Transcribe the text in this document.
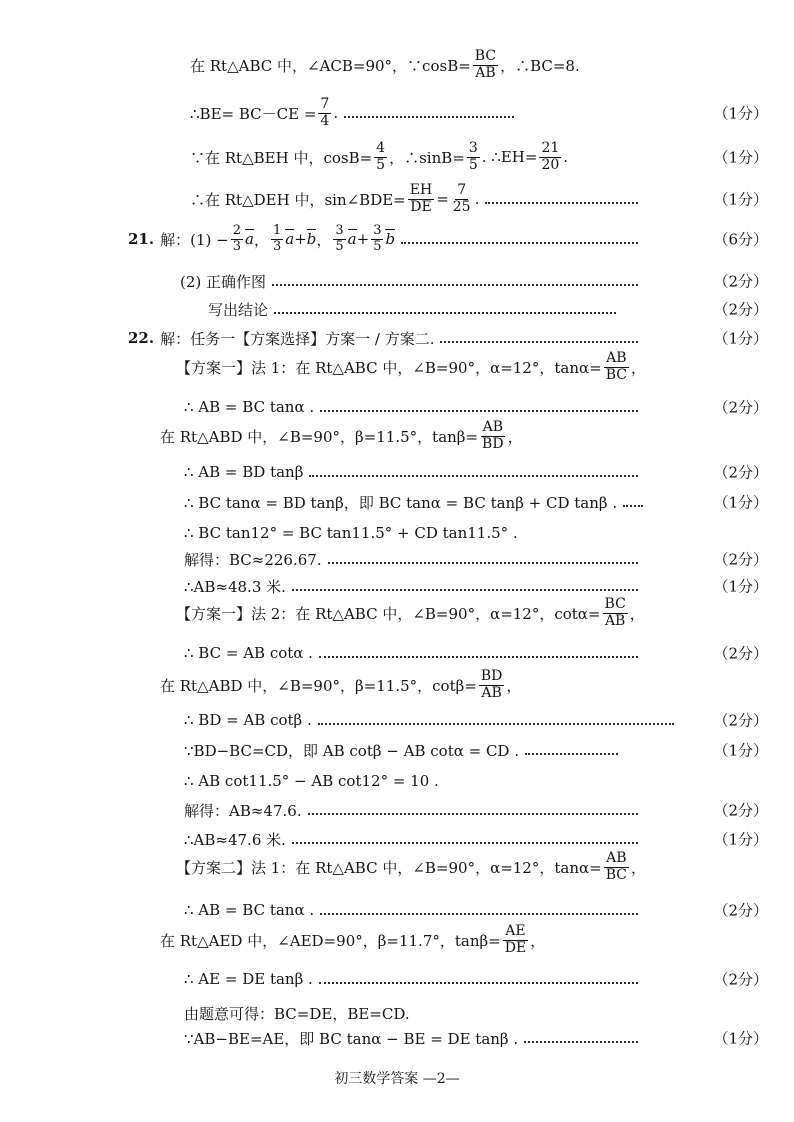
在 Rt△ABC 中，∠ACB=90°，∵cosB= $\frac{BC}{AB}$ ，∴BC=8.
∴BE= $BC-CE = \frac{7}{4}$ .	（1分）
∵在 Rt△BEH 中，$\cos B= \frac{4}{5}$ ，∴sinB= $\frac{3}{5}$ . ∴EH= $\frac{21}{20}$ .	（1分）
∴在 Rt△DEH 中，sin∠BDE= $\frac{EH}{DE} = \frac{7}{25}$ .	（1分）
21. 解：$(1) - \frac{2}{3}$ a ， $\frac{1}{3}$ a + b ， $\frac{3}{5}$ $a + \frac{3}{5}$ b	（6分）
(2) 正确作图	（2分）
写出结论	（2分）
22. 解：任务一【方案选择】方案一 / 方案二.	（1分）
【方案一】法 1：在 Rt△ABC 中，∠B=90°，α=12°，$\tan\alpha= \frac{AB}{BC}$ ，
∴ AB = BC tanα .	（2分）
在 Rt△ABD 中，∠B=90°，β=11.5°，$\tan\beta= \frac{AB}{BD}$ ，
∴ AB = BD tanβ	（2分）
∴ BC tanα = BD tanβ，即 BC tanα = BC tanβ + CD tanβ .	（1分）
∴ BC tan12° = BC tan11.5° + CD tan11.5° .
解得：BC≈226.67.	（2分）
∴AB≈48.3 米.	（1分）
【方案一】法 2：在 Rt△ABC 中，∠B=90°，α=12°，$\cot\alpha= \frac{BC}{AB}$ ，
∴ BC = AB cotα .	（2分）
在 Rt△ABD 中，∠B=90°，β=11.5°，$\cot\beta= \frac{BD}{AB}$ ，
∴ BD = AB cotβ .	（2分）
∵BD−BC=CD，即 AB cotβ − AB cotα = CD .	（1分）
∴ AB cot11.5° − AB cot12° = 10 .
解得：AB≈47.6.	（2分）
∴AB≈47.6 米.	（1分）
【方案二】法 1：在 Rt△ABC 中，∠B=90°，α=12°，$\tan\alpha= \frac{AB}{BC}$ ，
∴ AB = BC tanα .	（2分）
在 Rt△AED 中，∠AED=90°，β=11.7°，$\tan\beta= \frac{AE}{DE}$ ，
∴ AE = DE tanβ .	（2分）
由题意可得：BC=DE，BE=CD.
∵AB−BE=AE，即 BC tanα − BE = DE tanβ .	（1分）
初三数学答案 —2—
